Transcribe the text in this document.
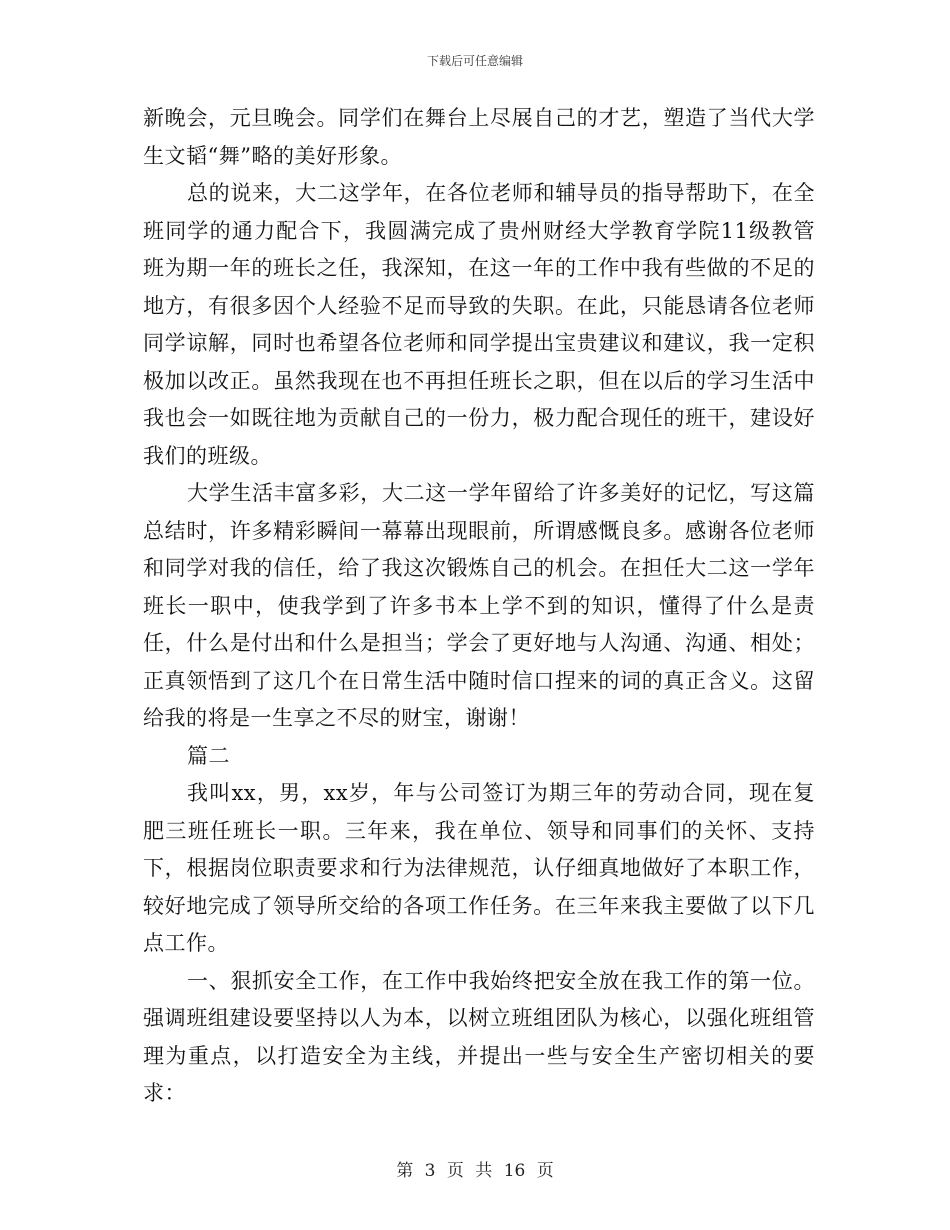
下载后可任意编辑

新晚会，元旦晚会。同学们在舞台上尽展自己的才艺，塑造了当代大学生文韬“舞”略的美好形象。

总的说来，大二这学年，在各位老师和辅导员的指导帮助下，在全班同学的通力配合下，我圆满完成了贵州财经大学教育学院11级教管班为期一年的班长之任，我深知，在这一年的工作中我有些做的不足的地方，有很多因个人经验不足而导致的失职。在此，只能恳请各位老师同学谅解，同时也希望各位老师和同学提出宝贵建议和建议，我一定积极加以改正。虽然我现在也不再担任班长之职，但在以后的学习生活中我也会一如既往地为贡献自己的一份力，极力配合现任的班干，建设好我们的班级。

大学生活丰富多彩，大二这一学年留给了许多美好的记忆，写这篇总结时，许多精彩瞬间一幕幕出现眼前，所谓感慨良多。感谢各位老师和同学对我的信任，给了我这次锻炼自己的机会。在担任大二这一学年班长一职中，使我学到了许多书本上学不到的知识，懂得了什么是责任，什么是付出和什么是担当；学会了更好地与人沟通、沟通、相处；正真领悟到了这几个在日常生活中随时信口捏来的词的真正含义。这留给我的将是一生享之不尽的财宝，谢谢！

篇二

我叫xx，男，xx岁，年与公司签订为期三年的劳动合同，现在复肥三班任班长一职。三年来，我在单位、领导和同事们的关怀、支持下，根据岗位职责要求和行为法律规范，认仔细真地做好了本职工作，较好地完成了领导所交给的各项工作任务。在三年来我主要做了以下几点工作。

一、狠抓安全工作，在工作中我始终把安全放在我工作的第一位。强调班组建设要坚持以人为本，以树立班组团队为核心，以强化班组管理为重点，以打造安全为主线，并提出一些与安全生产密切相关的要求：

第 3 页 共 16 页
